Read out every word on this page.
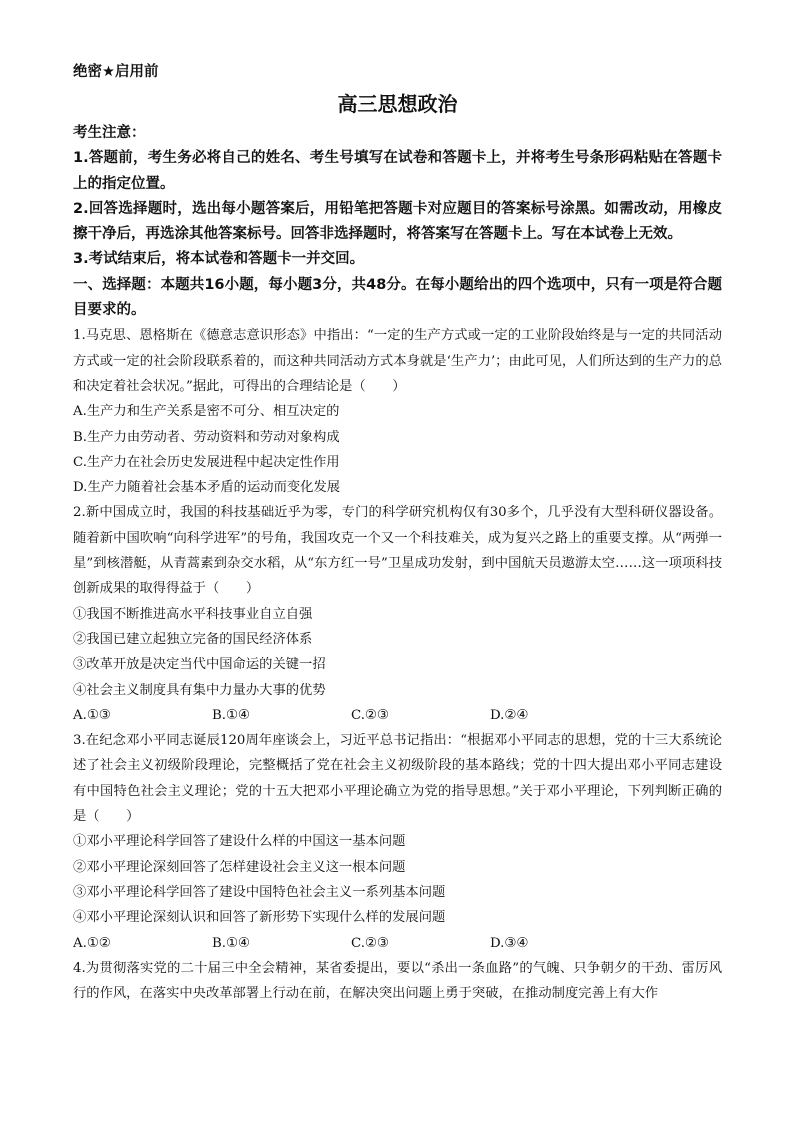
绝密★启用前
高三思想政治
考生注意：
1.答题前，考生务必将自己的姓名、考生号填写在试卷和答题卡上，并将考生号条形码粘贴在答题卡上的指定位置。
2.回答选择题时，选出每小题答案后，用铅笔把答题卡对应题目的答案标号涂黑。如需改动，用橡皮擦干净后，再选涂其他答案标号。回答非选择题时，将答案写在答题卡上。写在本试卷上无效。
3.考试结束后，将本试卷和答题卡一并交回。
一、选择题：本题共16小题，每小题3分，共48分。在每小题给出的四个选项中，只有一项是符合题目要求的。
1.马克思、恩格斯在《德意志意识形态》中指出：“一定的生产方式或一定的工业阶段始终是与一定的共同活动方式或一定的社会阶段联系着的，而这种共同活动方式本身就是‘生产力’；由此可见，人们所达到的生产力的总和决定着社会状况。”据此，可得出的合理结论是（　　）
A.生产力和生产关系是密不可分、相互决定的
B.生产力由劳动者、劳动资料和劳动对象构成
C.生产力在社会历史发展进程中起决定性作用
D.生产力随着社会基本矛盾的运动而变化发展
2.新中国成立时，我国的科技基础近乎为零，专门的科学研究机构仅有30多个，几乎没有大型科研仪器设备。随着新中国吹响“向科学进军”的号角，我国攻克一个又一个科技难关，成为复兴之路上的重要支撑。从“两弹一星”到核潜艇，从青蒿素到杂交水稻，从“东方红一号”卫星成功发射，到中国航天员遨游太空……这一项项科技创新成果的取得得益于（　　）
①我国不断推进高水平科技事业自立自强
②我国已建立起独立完备的国民经济体系
③改革开放是决定当代中国命运的关键一招
④社会主义制度具有集中力量办大事的优势
A.①③	B.①④	C.②③	D.②④
3.在纪念邓小平同志诞辰120周年座谈会上，习近平总书记指出：“根据邓小平同志的思想，党的十三大系统论述了社会主义初级阶段理论，完整概括了党在社会主义初级阶段的基本路线；党的十四大提出邓小平同志建设有中国特色社会主义理论；党的十五大把邓小平理论确立为党的指导思想。”关于邓小平理论，下列判断正确的是（　　）
①邓小平理论科学回答了建设什么样的中国这一基本问题
②邓小平理论深刻回答了怎样建设社会主义这一根本问题
③邓小平理论科学回答了建设中国特色社会主义一系列基本问题
④邓小平理论深刻认识和回答了新形势下实现什么样的发展问题
A.①②	B.①④	C.②③	D.③④
4.为贯彻落实党的二十届三中全会精神，某省委提出，要以“杀出一条血路”的气魄、只争朝夕的干劲、雷厉风行的作风，在落实中央改革部署上行动在前，在解决突出问题上勇于突破，在推动制度完善上有大作
